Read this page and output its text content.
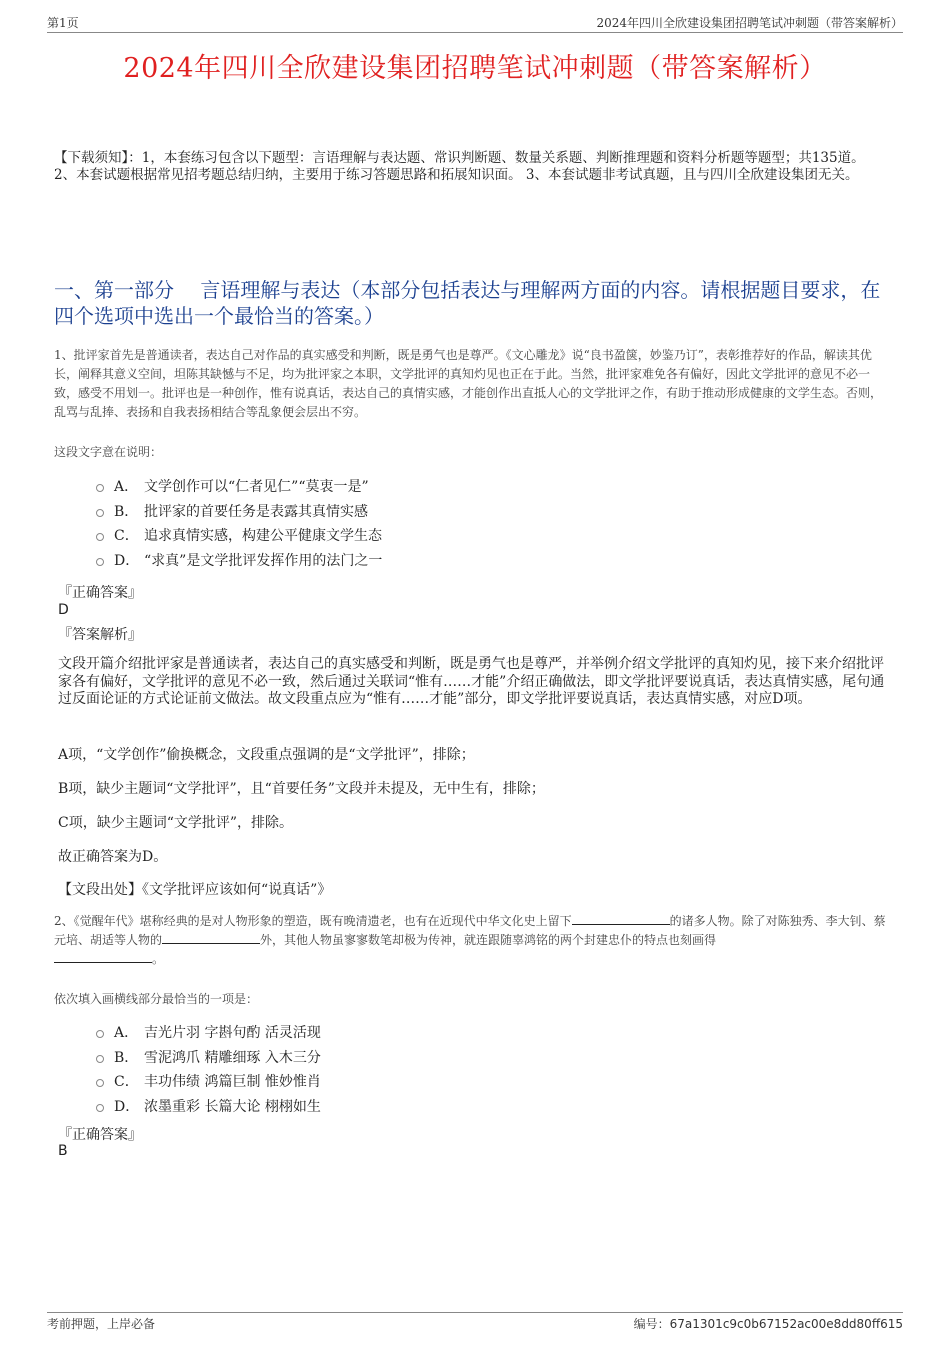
第1页	2024年四川全欣建设集团招聘笔试冲刺题（带答案解析）
2024年四川全欣建设集团招聘笔试冲刺题（带答案解析）
【下载须知】：1，本套练习包含以下题型：言语理解与表达题、常识判断题、数量关系题、判断推理题和资料分析题等题型；共135道。 2、本套试题根据常见招考题总结归纳，主要用于练习答题思路和拓展知识面。 3、本套试题非考试真题，且与四川全欣建设集团无关。
一、第一部分　 言语理解与表达（本部分包括表达与理解两方面的内容。请根据题目要求，在四个选项中选出一个最恰当的答案。）
1、批评家首先是普通读者，表达自己对作品的真实感受和判断，既是勇气也是尊严。《文心雕龙》说“良书盈箧，妙鉴乃订”，表彰推荐好的作品，解读其优长，阐释其意义空间，坦陈其缺憾与不足，均为批评家之本职，文学批评的真知灼见也正在于此。当然，批评家难免各有偏好，因此文学批评的意见不必一致，感受不用划一。批评也是一种创作，惟有说真话，表达自己的真情实感，才能创作出直抵人心的文学批评之作，有助于推动形成健康的文学生态。否则，乱骂与乱捧、表扬和自我表扬相结合等乱象便会层出不穷。
这段文字意在说明：
A． 文学创作可以“仁者见仁”“莫衷一是”
B． 批评家的首要任务是表露其真情实感
C． 追求真情实感，构建公平健康文学生态
D． “求真”是文学批评发挥作用的法门之一
『正确答案』
D
『答案解析』
文段开篇介绍批评家是普通读者，表达自己的真实感受和判断，既是勇气也是尊严，并举例介绍文学批评的真知灼见，接下来介绍批评家各有偏好，文学批评的意见不必一致，然后通过关联词“惟有……才能”介绍正确做法，即文学批评要说真话，表达真情实感，尾句通过反面论证的方式论证前文做法。故文段重点应为“惟有……才能”部分，即文学批评要说真话，表达真情实感，对应D项。
A项，“文学创作”偷换概念，文段重点强调的是“文学批评”，排除；
B项，缺少主题词“文学批评”，且“首要任务”文段并未提及，无中生有，排除；
C项，缺少主题词“文学批评”，排除。
故正确答案为D。
【文段出处】《文学批评应该如何“说真话”》
2、《觉醒年代》堪称经典的是对人物形象的塑造，既有晚清遗老，也有在近现代中华文化史上留下	的诸多人物。除了对陈独秀、李大钊、蔡元培、胡适等人物的	外，其他人物虽寥寥数笔却极为传神，就连跟随辜鸿铭的两个封建忠仆的特点也刻画得
。
依次填入画横线部分最恰当的一项是：
A． 吉光片羽 字斟句酌 活灵活现
B． 雪泥鸿爪 精雕细琢 入木三分
C． 丰功伟绩 鸿篇巨制 惟妙惟肖
D． 浓墨重彩 长篇大论 栩栩如生
『正确答案』
B
考前押题，上岸必备	编号：67a1301c9c0b67152ac00e8dd80ff615
